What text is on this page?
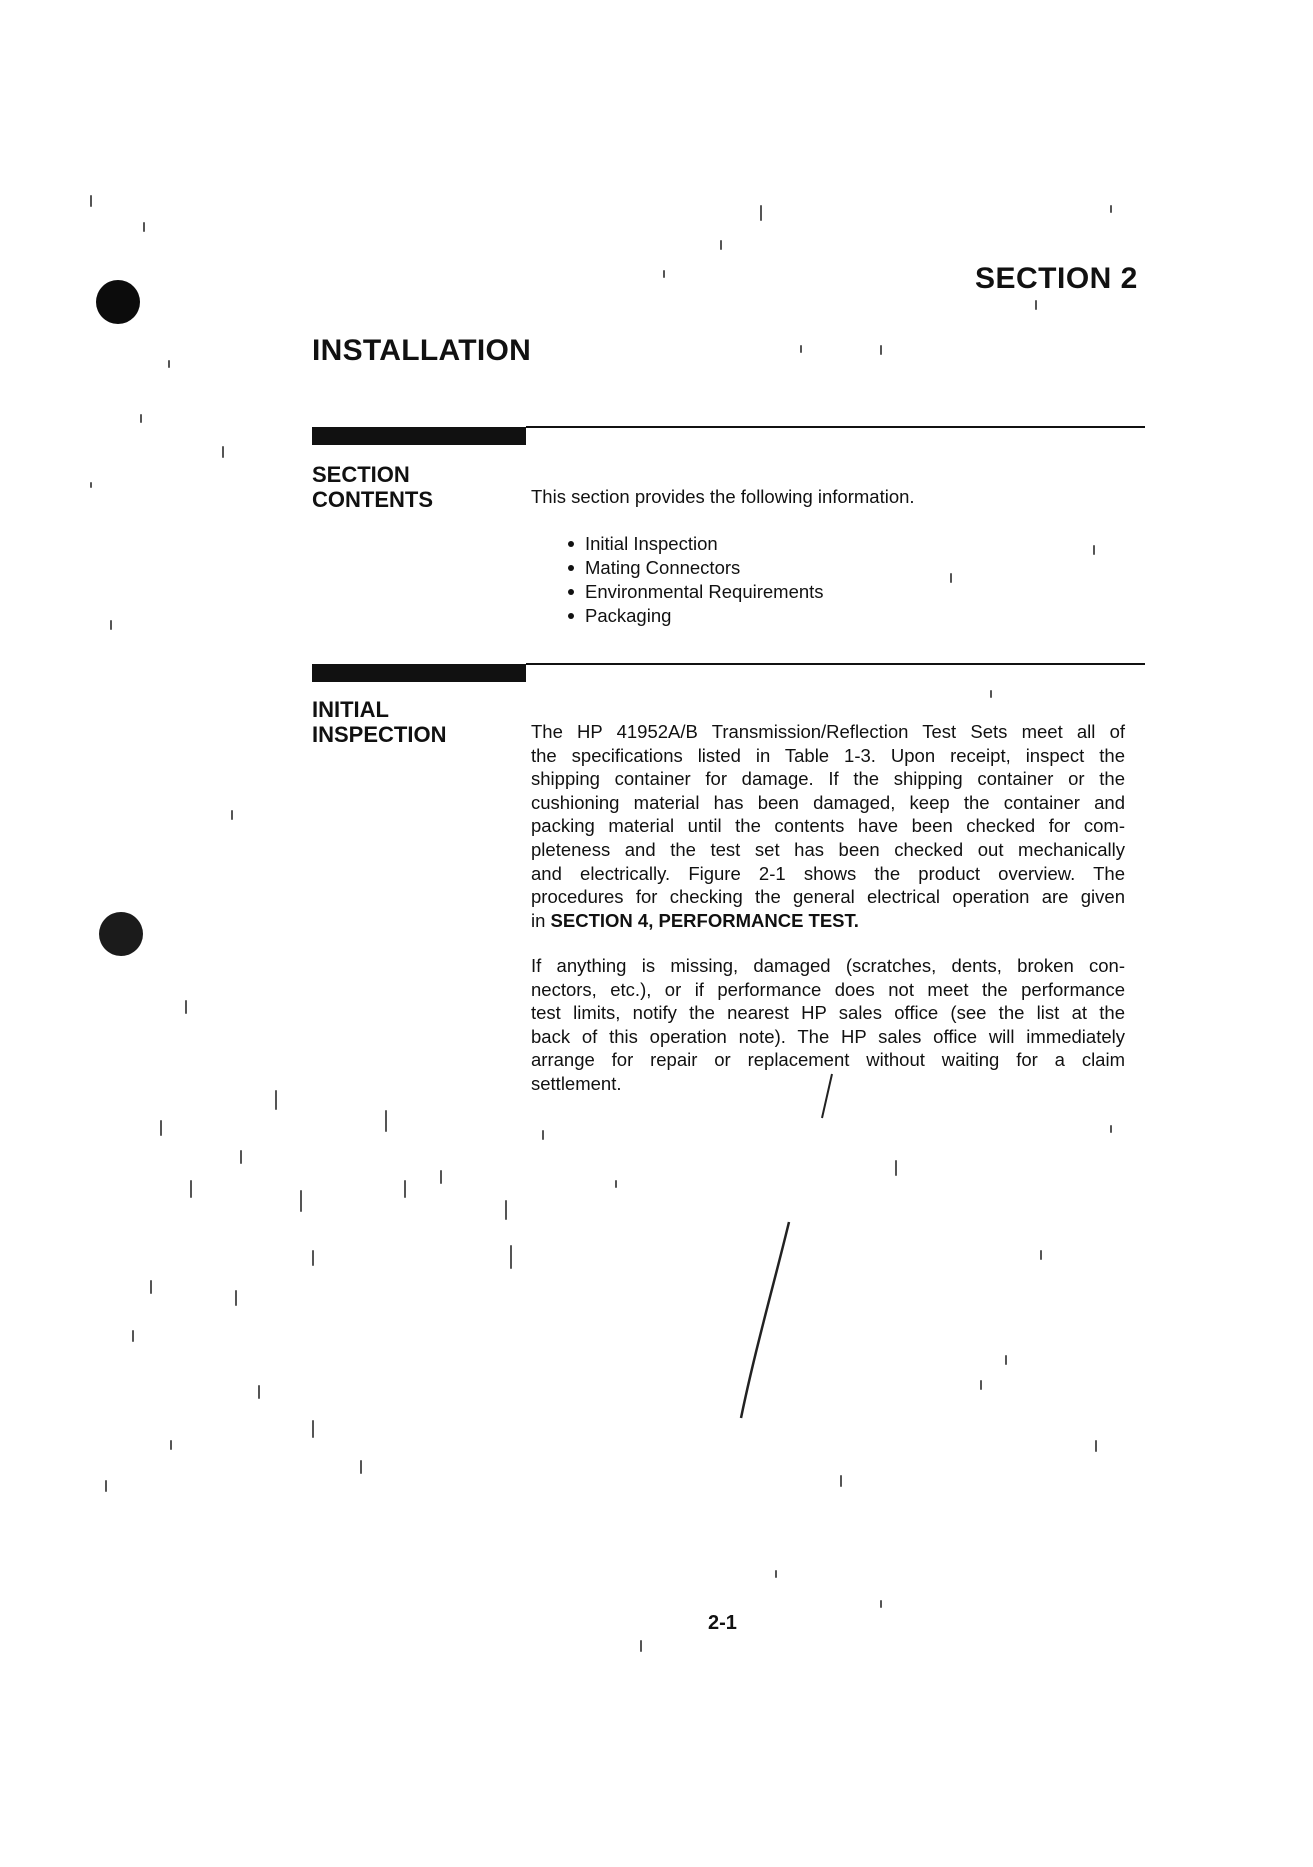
SECTION 2
INSTALLATION
SECTION
CONTENTS	This section provides the following information.
Initial Inspection
Mating Connectors
Environmental Requirements
Packaging
INITIAL
INSPECTION	The HP 41952A/B Transmission/Reflection Test Sets meet all of
the specifications listed in Table 1-3. Upon receipt, inspect the
shipping container for damage. If the shipping container or the
cushioning material has been damaged, keep the container and
packing material until the contents have been checked for com-
pleteness and the test set has been checked out mechanically
and electrically. Figure 2-1 shows the product overview. The
procedures for checking the general electrical operation are given
in SECTION 4, PERFORMANCE TEST.
If anything is missing, damaged (scratches, dents, broken con-
nectors, etc.), or if performance does not meet the performance
test limits, notify the nearest HP sales office (see the list at the
back of this operation note). The HP sales office will immediately
arrange for repair or replacement without waiting for a claim
settlement.
2-1
